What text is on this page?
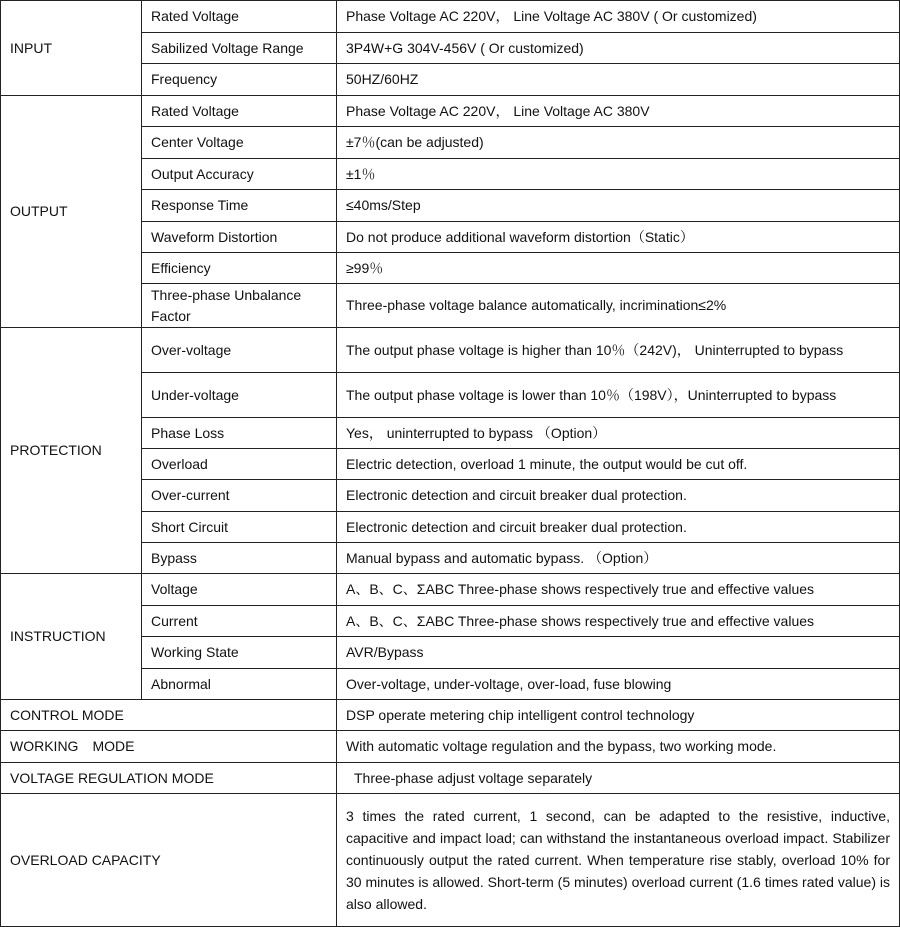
INPUT	Rated Voltage	Phase Voltage AC 220V， Line Voltage AC 380V ( Or customized)
	Sabilized Voltage Range	3P4W+G 304V-456V ( Or customized)
	Frequency	50HZ/60HZ
OUTPUT	Rated Voltage	Phase Voltage AC 220V， Line Voltage AC 380V
	Center Voltage	±7％(can be adjusted)
	Output Accuracy	±1％
	Response Time	≤40ms/Step
	Waveform Distortion	Do not produce additional waveform distortion（Static）
	Efficiency	≥99％
	Three-phase Unbalance Factor	Three-phase voltage balance automatically, incrimination≤2%
PROTECTION	Over-voltage	The output phase voltage is higher than 10％（242V)， Uninterrupted to bypass
	Under-voltage	The output phase voltage is lower than 10％（198V），Uninterrupted to bypass
	Phase Loss	Yes， uninterrupted to bypass （Option）
	Overload	Electric detection, overload 1 minute, the output would be cut off.
	Over-current	Electronic detection and circuit breaker dual protection.
	Short Circuit	Electronic detection and circuit breaker dual protection.
	Bypass	Manual bypass and automatic bypass. （Option）
INSTRUCTION	Voltage	A、B、C、ΣABC Three-phase shows respectively true and effective values
	Current	A、B、C、ΣABC Three-phase shows respectively true and effective values
	Working State	AVR/Bypass
	Abnormal	Over-voltage, under-voltage, over-load, fuse blowing
CONTROL MODE		DSP operate metering chip intelligent control technology
WORKING　MODE		With automatic voltage regulation and the bypass, two working mode.
VOLTAGE REGULATION MODE		Three-phase adjust voltage separately
OVERLOAD CAPACITY		3 times the rated current, 1 second, can be adapted to the resistive, inductive, capacitive and impact load; can withstand the instantaneous overload impact. Stabilizer continuously output the rated current. When temperature rise stably, overload 10% for 30 minutes is allowed. Short-term (5 minutes) overload current (1.6 times rated value) is also allowed.
